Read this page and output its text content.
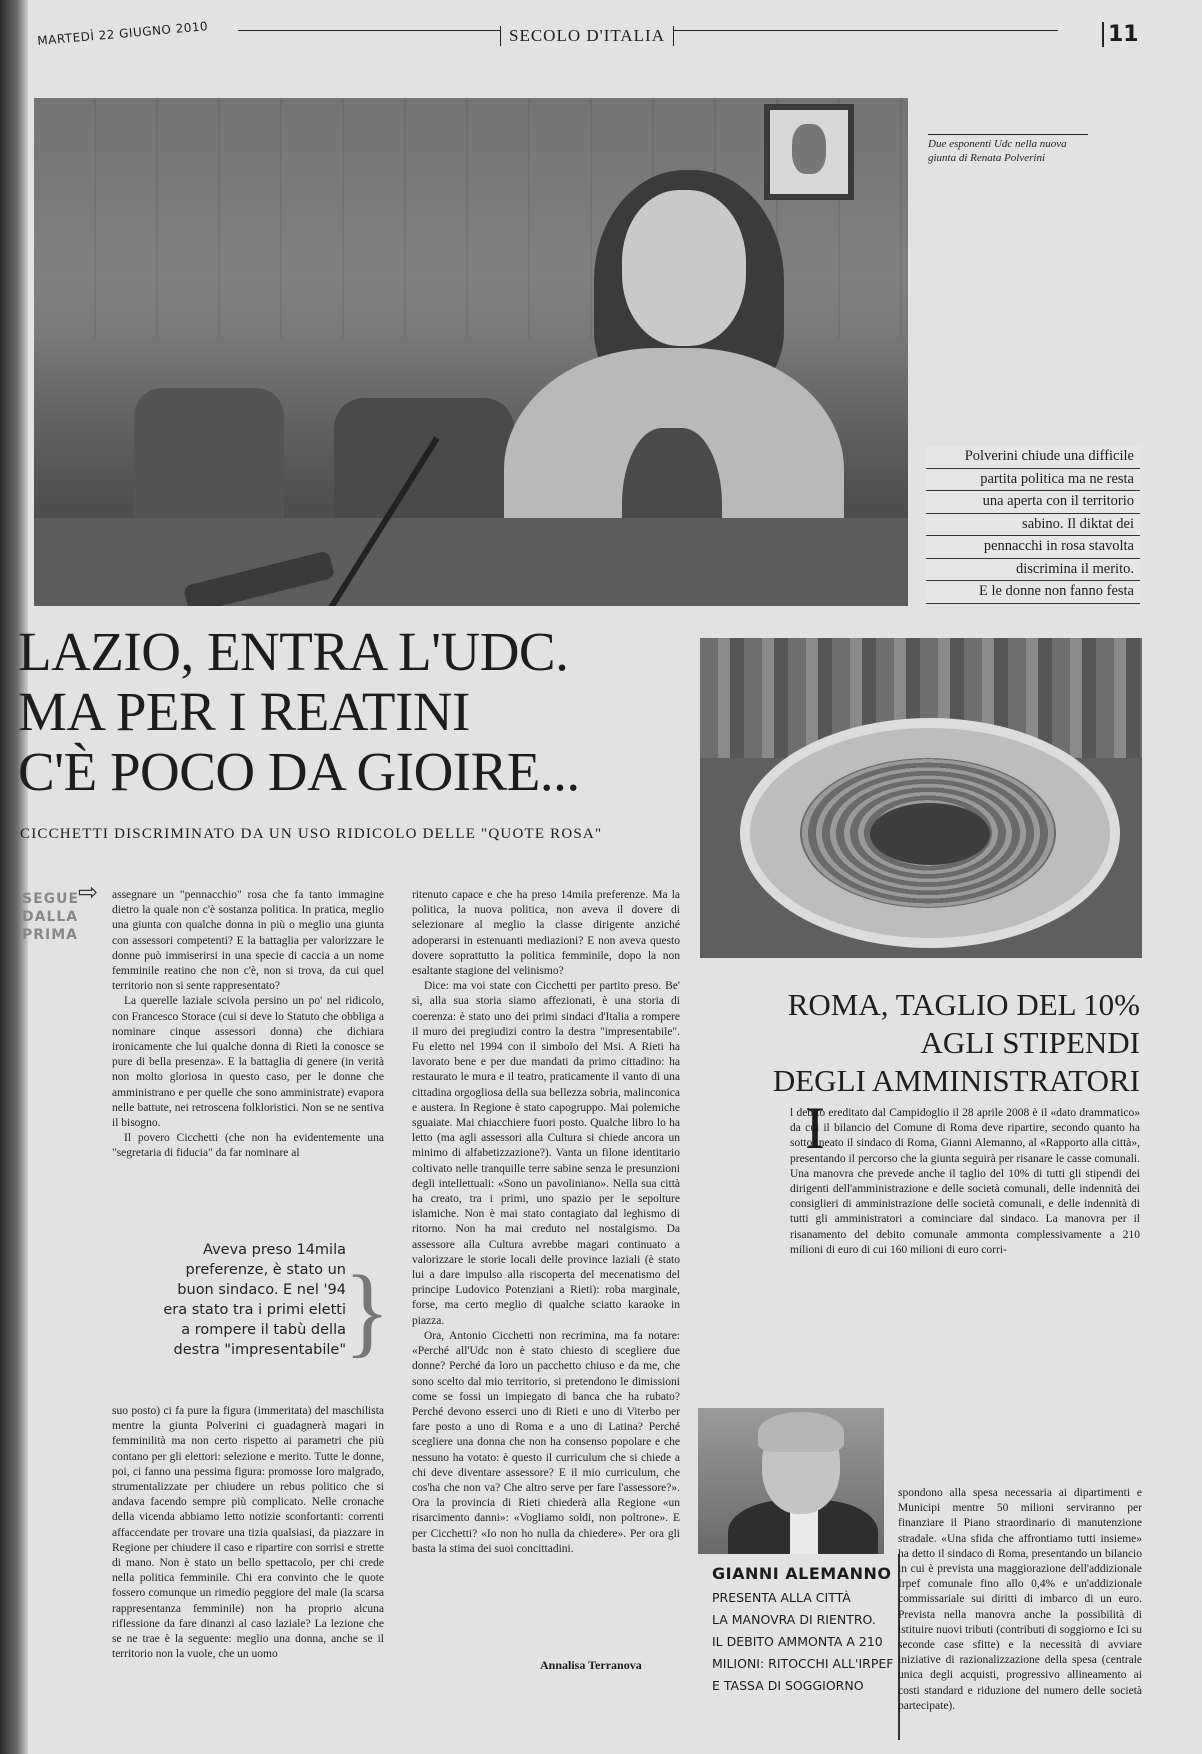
MARTEDÌ 22 GIUGNO 2010	SECOLO D'ITALIA	11
Due esponenti Udc nella nuova giunta di Renata Polverini
Polverini chiude una difficile
partita politica ma ne resta
una aperta con il territorio
sabino. Il diktat dei
pennacchi in rosa stavolta
discrimina il merito.
E le donne non fanno festa
LAZIO, ENTRA L'UDC.
MA PER I REATINI
C'È POCO DA GIOIRE...
CICCHETTI DISCRIMINATO DA UN USO RIDICOLO DELLE "QUOTE ROSA"
SEGUE
DALLA
PRIMA
⇨ assegnare un "pennacchio" rosa che fa tanto immagine dietro la quale non c'è sostanza politica. In pratica, meglio una giunta con qualche donna in più o meglio una giunta con assessori competenti? E la battaglia per valorizzare le donne può immiserirsi in una specie di caccia a un nome femminile reatino che non c'è, non si trova, da cui quel territorio non si sente rappresentato?

La querelle laziale scivola persino un po' nel ridicolo, con Francesco Storace (cui si deve lo Statuto che obbliga a nominare cinque assessori donna) che dichiara ironicamente che lui qualche donna di Rieti la conosce se pure di bella presenza». E la battaglia di genere (in verità non molto gloriosa in questo caso, per le donne che amministrano e per quelle che sono amministrate) evapora nelle battute, nei retroscena folkloristici. Non se ne sentiva il bisogno.

Il povero Cicchetti (che non ha evidentemente una "segretaria di fiducia" da far nominare al

Aveva preso 14mila preferenze, è stato un buon sindaco. E nel '94 era stato tra i primi eletti a rompere il tabù della destra "impresentabile"
}

suo posto) ci fa pure la figura (immeritata) del maschilista mentre la giunta Polverini ci guadagnerà magari in femminilità ma non certo rispetto ai parametri che più contano per gli elettori: selezione e merito. Tutte le donne, poi, ci fanno una pessima figura: promosse loro malgrado, strumentalizzate per chiudere un rebus politico che si andava facendo sempre più complicato. Nelle cronache della vicenda abbiamo letto notizie sconfortanti: correnti affaccendate per trovare una tizia qualsiasi, da piazzare in Regione per chiudere il caso e ripartire con sorrisi e strette di mano. Non è stato un bello spettacolo, per chi crede nella politica femminile. Chi era convinto che le quote fossero comunque un rimedio peggiore del male (la scarsa rappresentanza femminile) non ha proprio alcuna riflessione da fare dinanzi al caso laziale? La lezione che se ne trae è la seguente: meglio una donna, anche se il territorio non la vuole, che un uomo

ritenuto capace e che ha preso 14mila preferenze. Ma la politica, la nuova politica, non aveva il dovere di selezionare al meglio la classe dirigente anziché adoperarsi in estenuanti mediazioni? E non aveva questo dovere soprattutto la politica femminile, dopo la non esaltante stagione del velinismo?

Dice: ma voi state con Cicchetti per partito preso. Be' sì, alla sua storia siamo affezionati, è una storia di coerenza: è stato uno dei primi sindaci d'Italia a rompere il muro dei pregiudizi contro la destra "impresentabile". Fu eletto nel 1994 con il simbolo del Msi. A Rieti ha lavorato bene e per due mandati da primo cittadino: ha restaurato le mura e il teatro, praticamente il vanto di una cittadina orgogliosa della sua bellezza sobria, malinconica e austera. In Regione è stato capogruppo. Mai polemiche sguaiate. Mai chiacchiere fuori posto. Qualche libro lo ha letto (ma agli assessori alla Cultura si chiede ancora un minimo di alfabetizzazione?). Vanta un filone identitario coltivato nelle tranquille terre sabine senza le presunzioni degli intellettuali: «Sono un pavoliniano». Nella sua città ha creato, tra i primi, uno spazio per le sepolture islamiche. Non è mai stato contagiato dal leghismo di ritorno. Non ha mai creduto nel nostalgismo. Da assessore alla Cultura avrebbe magari continuato a valorizzare le storie locali delle province laziali (è stato lui a dare impulso alla riscoperta del mecenatismo del principe Ludovico Potenziani a Rieti): roba marginale, forse, ma certo meglio di qualche sciatto karaoke in piazza.

Ora, Antonio Cicchetti non recrimina, ma fa notare: «Perché all'Udc non è stato chiesto di scegliere due donne? Perché da loro un pacchetto chiuso e da me, che sono scelto dal mio territorio, si pretendono le dimissioni come se fossi un impiegato di banca che ha rubato? Perché devono esserci uno di Rieti e uno di Viterbo per fare posto a uno di Roma e a uno di Latina? Perché scegliere una donna che non ha consenso popolare e che nessuno ha votato: è questo il curriculum che si chiede a chi deve diventare assessore? E il mio curriculum, che cos'ha che non va? Che altro serve per fare l'assessore?». Ora la provincia di Rieti chiederà alla Regione «un risarcimento danni»: «Vogliamo soldi, non poltrone». E per Cicchetti? «Io non ho nulla da chiedere». Per ora gli basta la stima dei suoi concittadini.

Annalisa Terranova
ROMA, TAGLIO DEL 10%
AGLI STIPENDI
DEGLI AMMINISTRATORI
I
l debito ereditato dal Campidoglio il 28 aprile 2008 è il «dato drammatico» da cui il bilancio del Comune di Roma deve ripartire, secondo quanto ha sottolineato il sindaco di Roma, Gianni Alemanno, al «Rapporto alla città», presentando il percorso che la giunta seguirà per risanare le casse comunali. Una manovra che prevede anche il taglio del 10% di tutti gli stipendi dei dirigenti dell'amministrazione e delle società comunali, delle indennità dei consiglieri di amministrazione delle società comunali, e delle indennità di tutti gli amministratori a cominciare dal sindaco. La manovra per il risanamento del debito comunale ammonta complessivamente a 210 milioni di euro di cui 160 milioni di euro corri-
GIANNI ALEMANNO
PRESENTA ALLA CITTÀ
LA MANOVRA DI RIENTRO.
IL DEBITO AMMONTA A 210
MILIONI: RITOCCHI ALL'IRPEF
E TASSA DI SOGGIORNO
spondono alla spesa necessaria ai dipartimenti e Municipi mentre 50 milioni serviranno per finanziare il Piano straordinario di manutenzione stradale. «Una sfida che affrontiamo tutti insieme» ha detto il sindaco di Roma, presentando un bilancio in cui è prevista una maggiorazione dell'addizionale Irpef comunale fino allo 0,4% e un'addizionale commissariale sui diritti di imbarco di un euro. Prevista nella manovra anche la possibilità di istituire nuovi tributi (contributi di soggiorno e Ici su seconde case sfitte) e la necessità di avviare iniziative di razionalizzazione della spesa (centrale unica degli acquisti, progressivo allineamento ai costi standard e riduzione del numero delle società partecipate).
